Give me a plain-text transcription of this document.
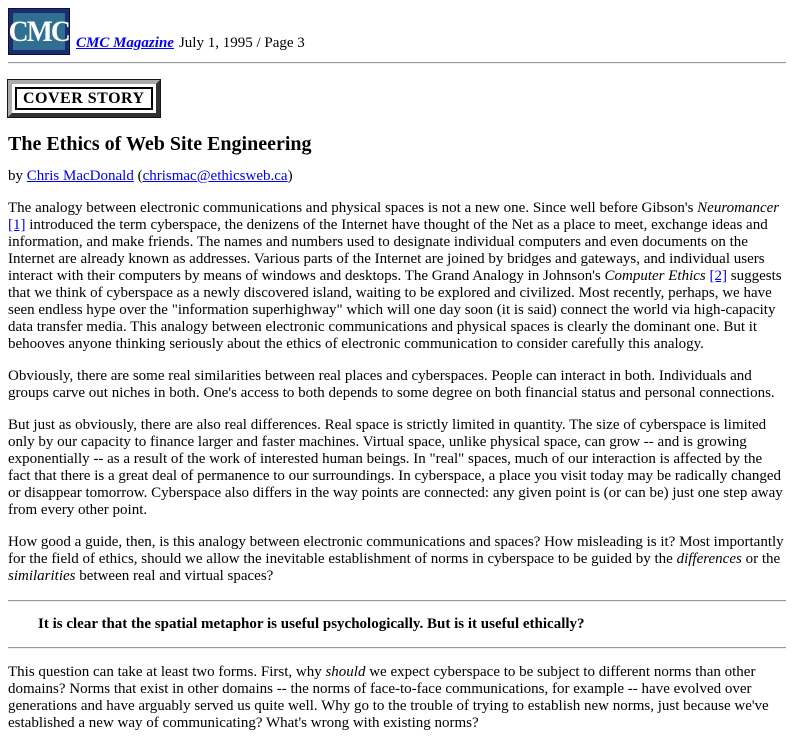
CMC CMC Magazine July 1, 1995 / Page 3
COVER STORY
The Ethics of Web Site Engineering

by Chris MacDonald (chrismac@ethicsweb.ca)

The analogy between electronic communications and physical spaces is not a new one. Since well before Gibson's Neuromancer [1] introduced the term cyberspace, the denizens of the Internet have thought of the Net as a place to meet, exchange ideas and information, and make friends. The names and numbers used to designate individual computers and even documents on the Internet are already known as addresses. Various parts of the Internet are joined by bridges and gateways, and individual users interact with their computers by means of windows and desktops. The Grand Analogy in Johnson's Computer Ethics [2] suggests that we think of cyberspace as a newly discovered island, waiting to be explored and civilized. Most recently, perhaps, we have seen endless hype over the "information superhighway" which will one day soon (it is said) connect the world via high-capacity data transfer media. This analogy between electronic communications and physical spaces is clearly the dominant one. But it behooves anyone thinking seriously about the ethics of electronic communication to consider carefully this analogy.

Obviously, there are some real similarities between real places and cyberspaces. People can interact in both. Individuals and groups carve out niches in both. One's access to both depends to some degree on both financial status and personal connections.

But just as obviously, there are also real differences. Real space is strictly limited in quantity. The size of cyberspace is limited only by our capacity to finance larger and faster machines. Virtual space, unlike physical space, can grow -- and is growing exponentially -- as a result of the work of interested human beings. In "real" spaces, much of our interaction is affected by the fact that there is a great deal of permanence to our surroundings. In cyberspace, a place you visit today may be radically changed or disappear tomorrow. Cyberspace also differs in the way points are connected: any given point is (or can be) just one step away from every other point.

How good a guide, then, is this analogy between electronic communications and spaces? How misleading is it? Most importantly for the field of ethics, should we allow the inevitable establishment of norms in cyberspace to be guided by the differences or the similarities between real and virtual spaces?

It is clear that the spatial metaphor is useful psychologically. But is it useful ethically?

This question can take at least two forms. First, why should we expect cyberspace to be subject to different norms than other domains? Norms that exist in other domains -- the norms of face-to-face communications, for example -- have evolved over generations and have arguably served us quite well. Why go to the trouble of trying to establish new norms, just because we've established a new way of communicating? What's wrong with existing norms?
